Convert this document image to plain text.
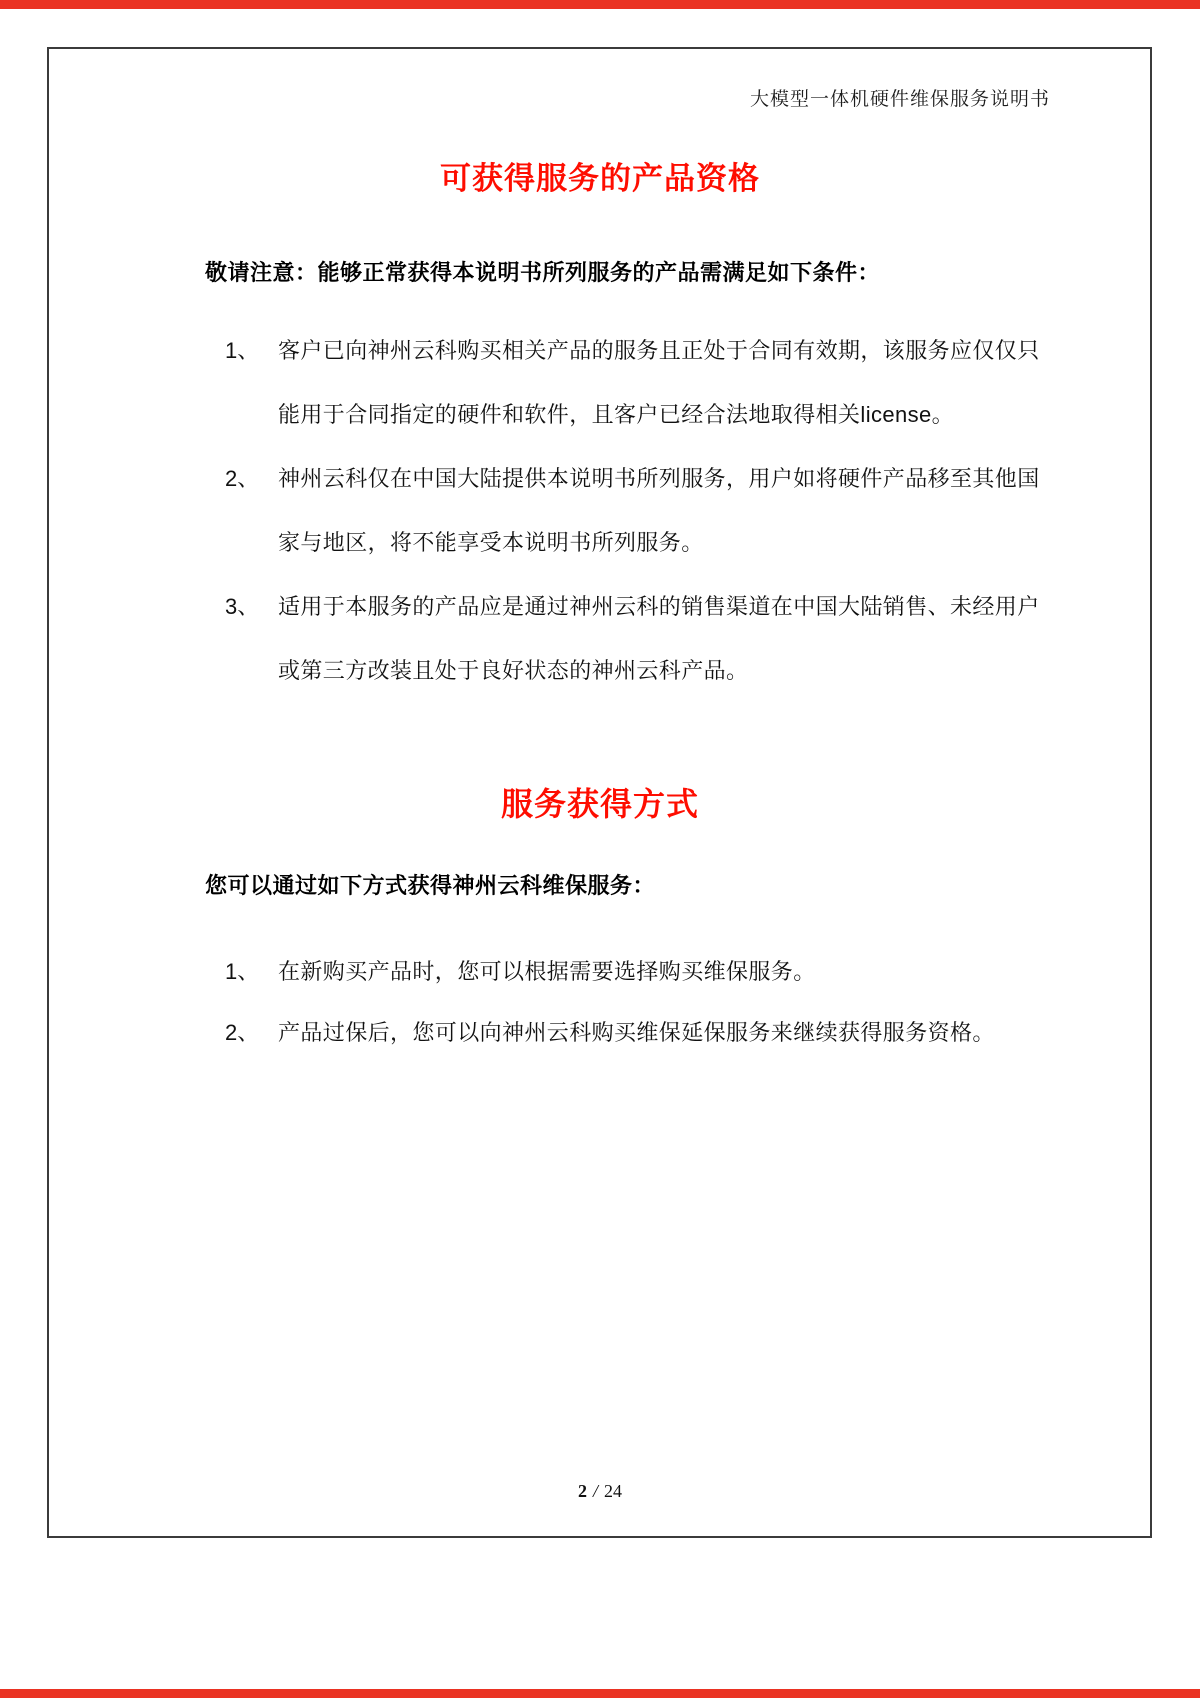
大模型一体机硬件维保服务说明书
可获得服务的产品资格
敬请注意：能够正常获得本说明书所列服务的产品需满足如下条件：
1、 客户已向神州云科购买相关产品的服务且正处于合同有效期，该服务应仅仅只
能用于合同指定的硬件和软件，且客户已经合法地取得相关license。
2、 神州云科仅在中国大陆提供本说明书所列服务，用户如将硬件产品移至其他国
家与地区，将不能享受本说明书所列服务。
3、 适用于本服务的产品应是通过神州云科的销售渠道在中国大陆销售、未经用户
或第三方改装且处于良好状态的神州云科产品。
服务获得方式
您可以通过如下方式获得神州云科维保服务：
1、 在新购买产品时，您可以根据需要选择购买维保服务。
2、 产品过保后，您可以向神州云科购买维保延保服务来继续获得服务资格。
2 / 24
